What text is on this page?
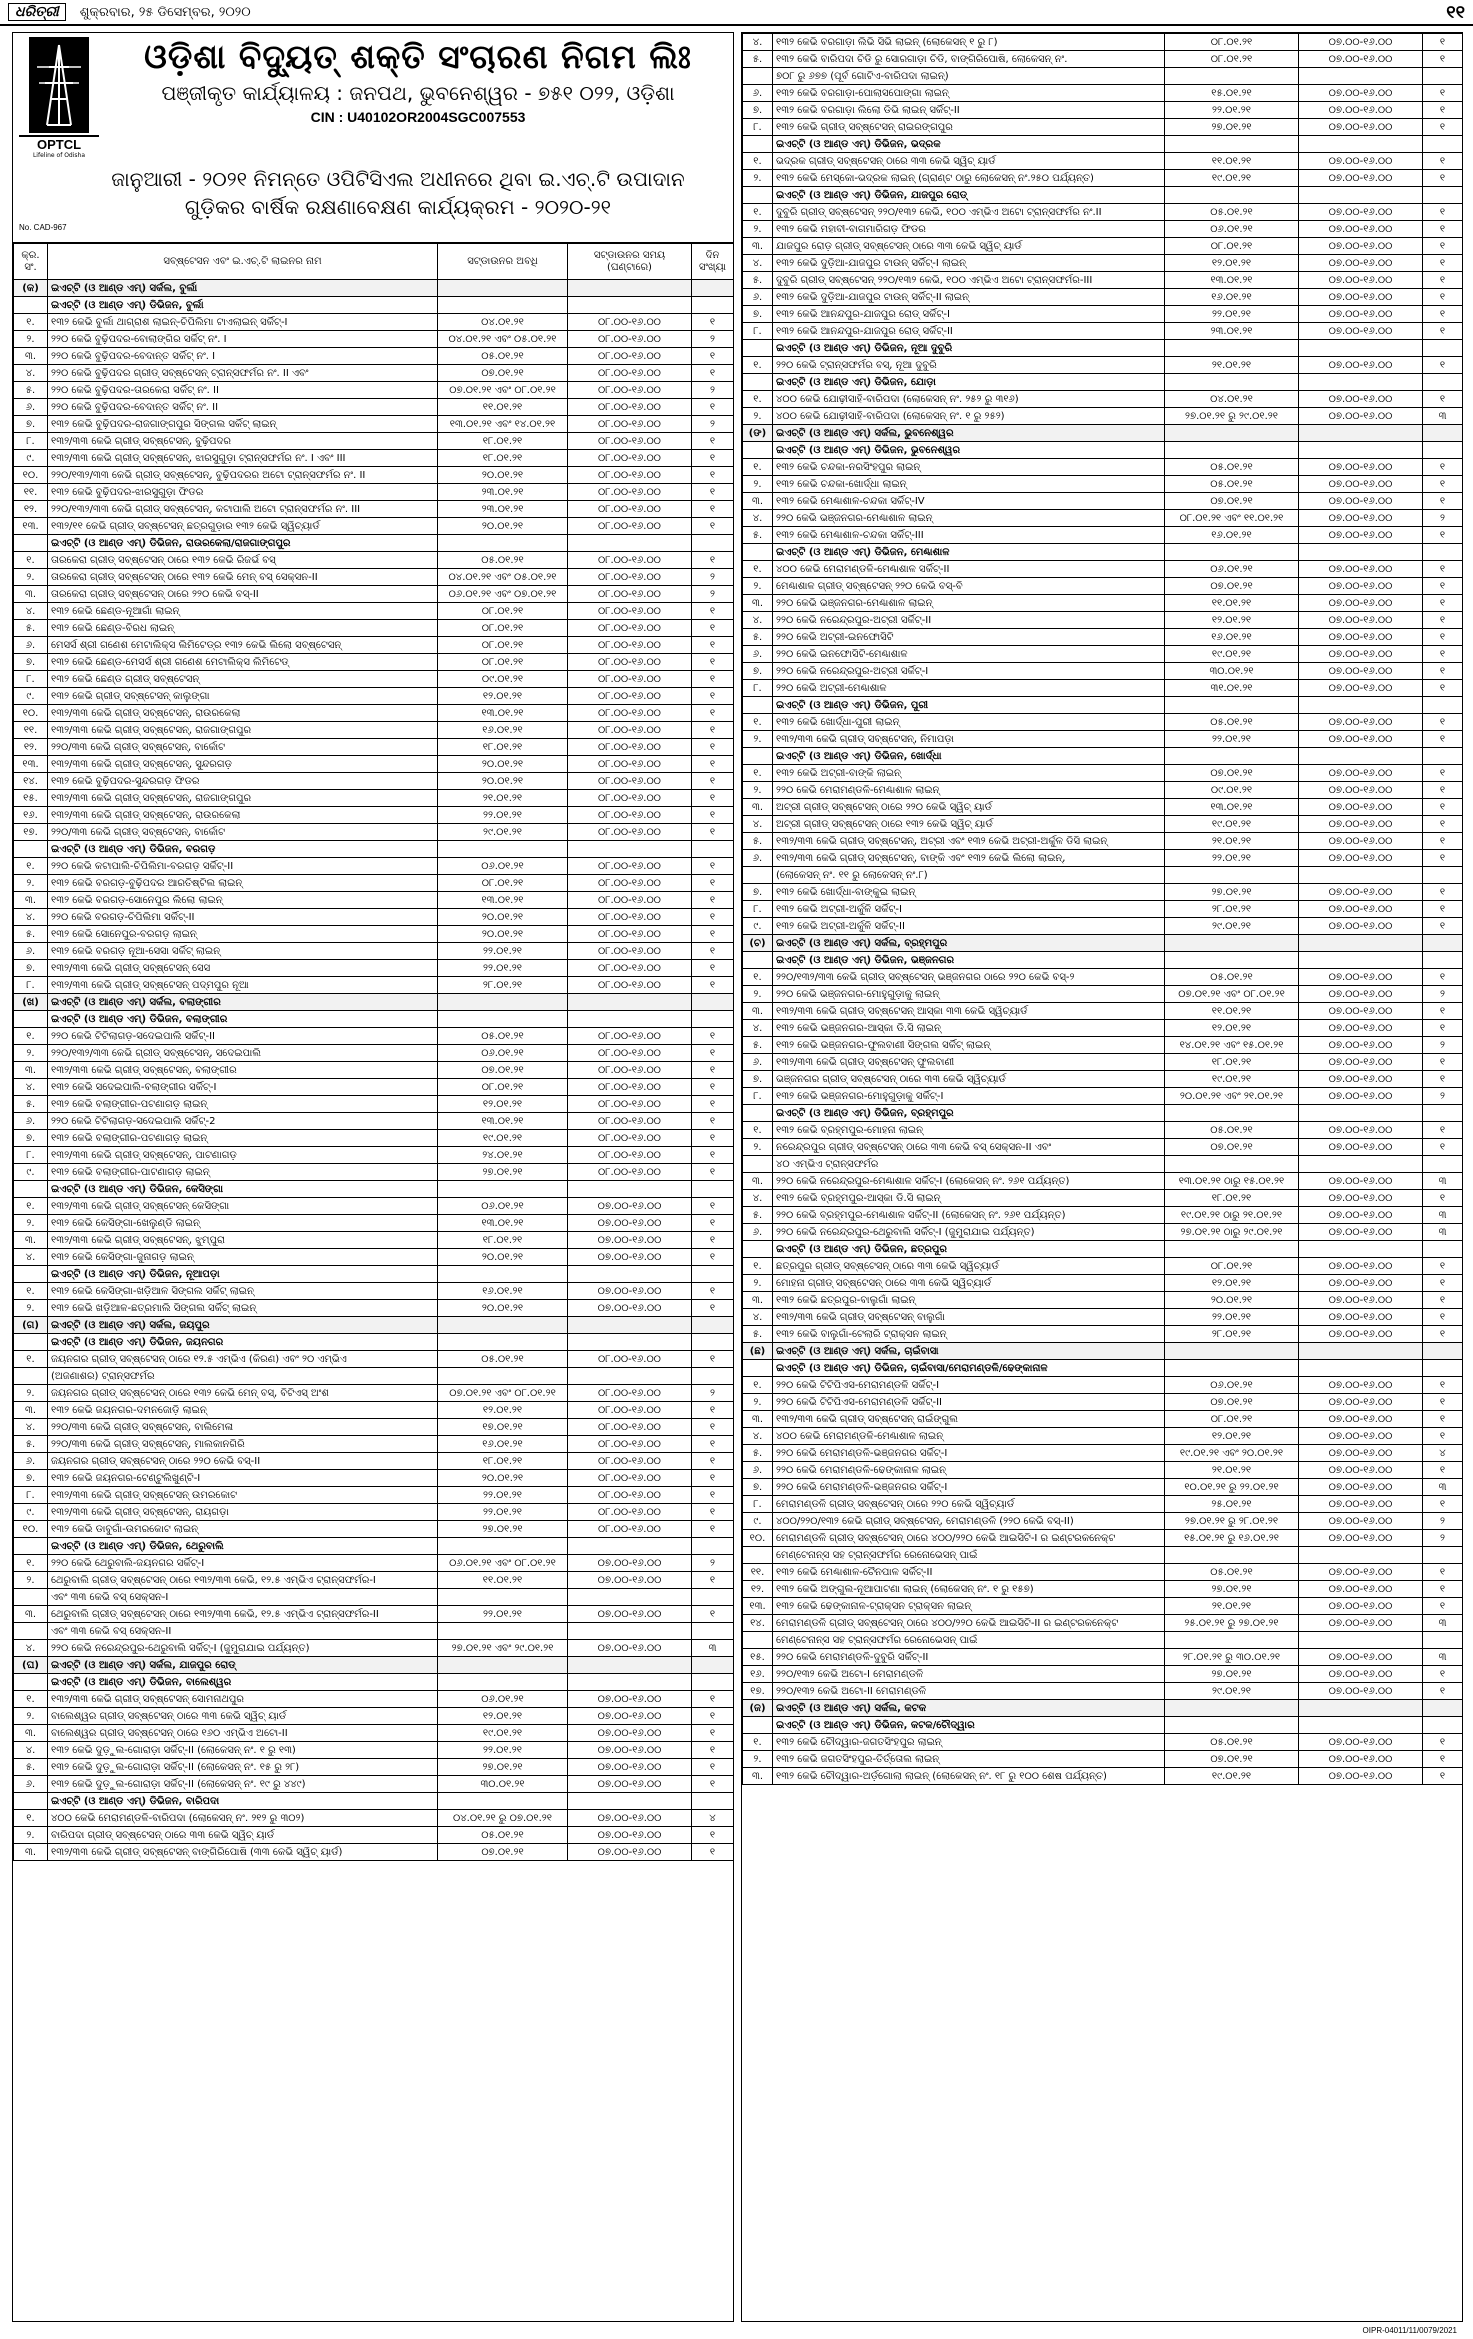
ଧରିତ୍ରୀ	ଶୁକ୍ରବାର, ୨୫ ଡିସେମ୍ବର, ୨୦୨୦	୧୧
OPTCL
Lifeline of Odisha
ଓଡ଼ିଶା ବିଦ୍ୟୁତ୍ ଶକ୍ତି ସଂଚାରଣ ନିଗମ ଲିଃ
ପଞ୍ଜୀକୃତ କାର୍ଯ୍ୟାଳୟ : ଜନପଥ, ଭୁବନେଶ୍ୱର - ୭୫୧ ୦୨୨, ଓଡ଼ିଶା
CIN : U40102OR2004SGC007553
ଜାନୁଆରୀ - ୨୦୨୧ ନିମନ୍ତେ ଓପିଟିସିଏଲ ଅଧୀନରେ ଥିବା ଇ.ଏଚ୍.ଟି ଉପାଦାନ
ଗୁଡ଼ିକର ବାର୍ଷିକ ରକ୍ଷଣାବେକ୍ଷଣ କାର୍ଯ୍ୟକ୍ରମ - ୨୦୨୦-୨୧
No. CAD-967
କ୍ର. ସଂ.	ସବ୍‌ଷ୍ଟେସନ ଏବଂ ଇ.ଏଚ୍.ଟି ଲାଇନର ନାମ	ସଟ୍‌ଡାଉନର ଅବଧି	ସଟ୍‌ଡାଉନର ସମୟ (ଘଣ୍ଟାରେ)	ଦିନ ସଂଖ୍ୟା
(କ)	ଇଏଚ୍‌ଟି (ଓ ଆଣ୍ଡ ଏମ୍) ସର୍କଲ, ବୁର୍ଲା			
	ଇଏଚ୍‌ଟି (ଓ ଆଣ୍ଡ ଏମ୍) ଡିଭିଜନ, ବୁର୍ଲା			
୧.	୧୩୨ କେଭି ବୁର୍ଲା ଥାଗ୍ରାଶ ଲାଇନ୍-ଚିପିଲିମା ଟାଏଲାଇନ୍ ସର୍କିଟ୍-I	୦୪.୦୧.୨୧	୦୮.୦୦-୧୬.୦୦	୧
୨.	୨୨୦ କେଭି ବୁଢ଼ିପଦର-ବୋଲାଙ୍ଗିର ସର୍କିଟ୍ ନଂ. I	୦୪.୦୧.୨୧ ଏବଂ ୦୫.୦୧.୨୧	୦୮.୦୦-୧୬.୦୦	୨
୩.	୨୨୦ କେଭି ବୁଢ଼ିପଦର-ବେଦାନ୍ତ ସର୍କିଟ୍ ନଂ. I	୦୫.୦୧.୨୧	୦୮.୦୦-୧୬.୦୦	୧
୪.	୨୨୦ କେଭି ବୁଢ଼ିପଦର ଗ୍ରୀଡ୍ ସବ୍‌ଷ୍ଟେସନ୍ ଟ୍ରାନ୍ସଫର୍ମର ନଂ. II ଏବଂ	୦୭.୦୧.୨୧	୦୮.୦୦-୧୬.୦୦	୧
୫.	୨୨୦ କେଭି ବୁଢ଼ିପଦର-ତାରକେରା ସର୍କିଟ୍ ନଂ. II	୦୭.୦୧.୨୧ ଏବଂ ୦୮.୦୧.୨୧	୦୮.୦୦-୧୬.୦୦	୨
୬.	୨୨୦ କେଭି ବୁଢ଼ିପଦର-ବେଦାନ୍ତ ସର୍କିଟ୍ ନଂ. II	୧୧.୦୧.୨୧	୦୮.୦୦-୧୬.୦୦	୧
୭.	୧୩୨ କେଭି ବୁଢ଼ିପଦର-ରାଜଗାଙ୍ଗପୁର ସିଙ୍ଗଲ ସର୍କିଟ୍ ଲାଇନ୍	୧୩.୦୧.୨୧ ଏବଂ ୧୪.୦୧.୨୧	୦୮.୦୦-୧୬.୦୦	୨
୮.	୧୩୨/୩୩ କେଭି ଗ୍ରୀଡ୍ ସବ୍‌ଷ୍ଟେସନ୍, ବୁଢ଼ିପଦର	୧୮.୦୧.୨୧	୦୮.୦୦-୧୬.୦୦	୧
୯.	୧୩୨/୩୩ କେଭି ଗ୍ରୀଡ୍ ସବ୍‌ଷ୍ଟେସନ୍, ଝାରସୁଗୁଡ଼ା ଟ୍ରାନ୍ସଫର୍ମର ନଂ. I ଏବଂ III	୧୮.୦୧.୨୧	୦୮.୦୦-୧୬.୦୦	୧
୧୦.	୨୨୦/୧୩୨/୩୩ କେଭି ଗ୍ରୀଡ୍ ସବ୍‌ଷ୍ଟେସନ୍, ବୁଢ଼ିପଦରର ଅଟୋ ଟ୍ରାନ୍ସଫର୍ମର ନଂ. II	୨୦.୦୧.୨୧	୦୮.୦୦-୧୬.୦୦	୧
୧୧.	୧୩୨ କେଭି ବୁଢ଼ିପଦର-ଝାରସୁଗୁଡ଼ା ଫିଡର	୨୩.୦୧.୨୧	୦୮.୦୦-୧୬.୦୦	୧
୧୨.	୨୨୦/୧୩୨/୩୩ କେଭି ଗ୍ରୀଡ୍ ସବ୍‌ଷ୍ଟେସନ୍, କଟାପାଲି ଅଟୋ ଟ୍ରାନ୍ସଫର୍ମର ନଂ. III	୨୩.୦୧.୨୧	୦୮.୦୦-୧୬.୦୦	୧
୧୩.	୧୩୨/୧୧ କେଭି ଗ୍ରୀଡ୍ ସବ୍‌ଷ୍ଟେସନ୍ ଛତ୍ରଗୁଡ଼ାର ୧୩୨ କେଭି ସ୍ୱିଚ୍‌ୟାର୍ଡ	୨୦.୦୧.୨୧	୦୮.୦୦-୧୬.୦୦	୧
	ଇଏଚ୍‌ଟି (ଓ ଆଣ୍ଡ ଏମ୍) ଡିଭିଜନ, ରାଉରକେଲା/ରାଜଗାଙ୍ଗପୁର			
୧.	ତାରକେରା ଗ୍ରୀଡ୍ ସବ୍‌ଷ୍ଟେସନ୍ ଠାରେ ୧୩୨ କେଭି ରିଜର୍ଭ ବସ୍	୦୫.୦୧.୨୧	୦୮.୦୦-୧୬.୦୦	୧
୨.	ତାରକେରା ଗ୍ରୀଡ୍ ସବ୍‌ଷ୍ଟେସନ୍ ଠାରେ ୧୩୨ କେଭି ମେନ୍ ବସ୍ ସେକ୍ସନ-II	୦୪.୦୧.୨୧ ଏବଂ ୦୫.୦୧.୨୧	୦୮.୦୦-୧୬.୦୦	୨
୩.	ତାରକେରା ଗ୍ରୀଡ୍ ସବ୍‌ଷ୍ଟେସନ୍ ଠାରେ ୨୨୦ କେଭି ବସ୍-II	୦୬.୦୧.୨୧ ଏବଂ ୦୭.୦୧.୨୧	୦୮.୦୦-୧୬.୦୦	୨
୪.	୧୩୨ କେଭି ଛେଣ୍ଡ-ନୂଆଗାଁ ଲାଇନ୍	୦୮.୦୧.୨୧	୦୮.୦୦-୧୬.୦୦	୧
୫.	୧୩୨ କେଭି ଛେଣ୍ଡ-ବିରଧ ଲାଇନ୍	୦୮.୦୧.୨୧	୦୮.୦୦-୧୬.୦୦	୧
୬.	ମେସର୍ସ ଶ୍ରୀ ଗଣେଶ ମେଟାଲିକ୍ସ ଲିମିଟେଡ୍‌ର ୧୩୨ କେଭି ଲିଲୋ ସବ୍‌ଷ୍ଟେସନ୍	୦୮.୦୧.୨୧	୦୮.୦୦-୧୬.୦୦	୧
୭.	୧୩୨ କେଭି ଛେଣ୍ଡ-ମେସର୍ସ ଶ୍ରୀ ଗଣେଶ ମେଟାଲିକ୍ସ ଲିମିଟେଡ୍	୦୮.୦୧.୨୧	୦୮.୦୦-୧୬.୦୦	୧
୮.	୧୩୨ କେଭି ଛେଣ୍ଡ ଗ୍ରୀଡ୍ ସବ୍‌ଷ୍ଟେସନ୍	୦୯.୦୧.୨୧	୦୮.୦୦-୧୬.୦୦	୧
୯.	୧୩୨ କେଭି ଗ୍ରୀଡ୍ ସବ୍‌ଷ୍ଟେସନ୍ କାଲୁଙ୍ଗା	୧୨.୦୧.୨୧	୦୮.୦୦-୧୬.୦୦	୧
୧୦.	୧୩୨/୩୩ କେଭି ଗ୍ରୀଡ୍ ସବ୍‌ଷ୍ଟେସନ୍, ରାଉରକେଲା	୧୩.୦୧.୨୧	୦୮.୦୦-୧୬.୦୦	୧
୧୧.	୧୩୨/୩୩ କେଭି ଗ୍ରୀଡ୍ ସବ୍‌ଷ୍ଟେସନ୍, ରାଜଗାଙ୍ଗପୁର	୧୬.୦୧.୨୧	୦୮.୦୦-୧୬.୦୦	୧
୧୨.	୨୨୦/୩୩ କେଭି ଗ୍ରୀଡ୍ ସବ୍‌ଷ୍ଟେସନ୍, ବାର୍କୋଟ	୧୮.୦୧.୨୧	୦୮.୦୦-୧୬.୦୦	୧
୧୩.	୧୩୨/୩୩ କେଭି ଗ୍ରୀଡ୍ ସବ୍‌ଷ୍ଟେସନ୍, ସୁନ୍ଦରଗଡ଼	୨୦.୦୧.୨୧	୦୮.୦୦-୧୬.୦୦	୧
୧୪.	୧୩୨ କେଭି ବୁଢ଼ିପଦର-ସୁନ୍ଦରଗଡ଼ ଫିଡର	୨୦.୦୧.୨୧	୦୮.୦୦-୧୬.୦୦	୧
୧୫.	୧୩୨/୩୩ କେଭି ଗ୍ରୀଡ୍ ସବ୍‌ଷ୍ଟେସନ୍, ରାଜଗାଙ୍ଗପୁର	୨୧.୦୧.୨୧	୦୮.୦୦-୧୬.୦୦	୧
୧୬.	୧୩୨/୩୩ କେଭି ଗ୍ରୀଡ୍ ସବ୍‌ଷ୍ଟେସନ୍, ରାଉରକେଲା	୨୨.୦୧.୨୧	୦୮.୦୦-୧୬.୦୦	୧
୧୭.	୨୨୦/୩୩ କେଭି ଗ୍ରୀଡ୍ ସବ୍‌ଷ୍ଟେସନ୍, ବାର୍କୋଟ	୨୯.୦୧.୨୧	୦୮.୦୦-୧୬.୦୦	୧
	ଇଏଚ୍‌ଟି (ଓ ଆଣ୍ଡ ଏମ୍) ଡିଭିଜନ, ବରଗଡ଼			
୧.	୨୨୦ କେଭି କଟାପାଲି-ଚିପିଲିମା-ବରଗଡ଼ ସର୍କିଟ୍-II	୦୬.୦୧.୨୧	୦୮.୦୦-୧୬.୦୦	୧
୨.	୧୩୨ କେଭି ବରଗଡ଼-ବୁଢ଼ିପଦର ଆରତିଷ୍ଟିଲ ଲାଇନ୍	୦୮.୦୧.୨୧	୦୮.୦୦-୧୬.୦୦	୧
୩.	୧୩୨ କେଭି ବରଗଡ଼-ସୋନେପୁର ଲିଲୋ ଲାଇନ୍	୧୩.୦୧.୨୧	୦୮.୦୦-୧୬.୦୦	୧
୪.	୨୨୦ କେଭି ବରଗଡ଼-ଚିପିଲିମା ସର୍କିଟ୍-II	୨୦.୦୧.୨୧	୦୮.୦୦-୧୬.୦୦	୧
୫.	୧୩୨ କେଭି ସୋନେପୁର-ବରଗଡ଼ ଲାଇନ୍	୨୦.୦୧.୨୧	୦୮.୦୦-୧୬.୦୦	୧
୬.	୧୩୨ କେଭି ବରଗଡ଼ ନୂଆ-ସେସା ସର୍କିଟ୍ ଲାଇନ୍	୨୨.୦୧.୨୧	୦୮.୦୦-୧୬.୦୦	୧
୭.	୧୩୨/୩୩ କେଭି ଗ୍ରୀଡ୍ ସବ୍‌ଷ୍ଟେସନ୍ ସେସ	୨୨.୦୧.୨୧	୦୮.୦୦-୧୬.୦୦	୧
୮.	୧୩୨/୩୩ କେଭି ଗ୍ରୀଡ୍ ସବ୍‌ଷ୍ଟେସନ୍ ପଦ୍ମପୁର ନୂଆ	୨୮.୦୧.୨୧	୦୮.୦୦-୧୬.୦୦	୧
(ଖ)	ଇଏଚ୍‌ଟି (ଓ ଆଣ୍ଡ ଏମ୍) ସର୍କଲ, ବଲାଙ୍ଗୀର			
	ଇଏଚ୍‌ଟି (ଓ ଆଣ୍ଡ ଏମ୍) ଡିଭିଜନ, ବଲାଙ୍ଗୀର			
୧.	୨୨୦ କେଭି ଟିଟିଲାଗଡ଼-ସଦେଇପାଲି ସର୍କିଟ୍-II	୦୫.୦୧.୨୧	୦୮.୦୦-୧୬.୦୦	୧
୨.	୨୨୦/୧୩୨/୩୩ କେଭି ଗ୍ରୀଡ୍ ସବ୍‌ଷ୍ଟେସନ୍, ସଦେଇପାଲି	୦୬.୦୧.୨୧	୦୮.୦୦-୧୬.୦୦	୧
୩.	୧୩୨/୩୩ କେଭି ଗ୍ରୀଡ୍ ସବ୍‌ଷ୍ଟେସନ୍, ବଲାଙ୍ଗୀର	୦୭.୦୧.୨୧	୦୮.୦୦-୧୬.୦୦	୧
୪.	୧୩୨ କେଭି ସଦେଇପାଲି-ବଲାଙ୍ଗୀର ସର୍କିଟ୍-I	୦୮.୦୧.୨୧	୦୮.୦୦-୧୬.୦୦	୧
୫.	୧୩୨ କେଭି ବଲାଙ୍ଗୀର-ପଟଣାଗଡ଼ ଲାଇନ୍	୧୨.୦୧.୨୧	୦୮.୦୦-୧୬.୦୦	୧
୬.	୨୨୦ କେଭି ଟିଟିଲାଗଡ଼-ସଦେଇପାଲି ସର୍କିଟ୍-2	୧୩.୦୧.୨୧	୦୮.୦୦-୧୬.୦୦	୧
୭.	୧୩୨ କେଭି ବଲାଙ୍ଗୀର-ପଟଣାଗଡ଼ ଲାଇନ୍	୧୯.୦୧.୨୧	୦୮.୦୦-୧୬.୦୦	୧
୮.	୧୩୨/୩୩ କେଭି ଗ୍ରୀଡ୍ ସବ୍‌ଷ୍ଟେସନ୍, ପାଟଣାଗଡ଼	୨୪.୦୧.୨୧	୦୮.୦୦-୧୬.୦୦	୧
୯.	୧୩୨ କେଭି ବଲାଙ୍ଗୀର-ପାଟଣାଗଡ଼ ଲାଇନ୍	୨୭.୦୧.୨୧	୦୮.୦୦-୧୬.୦୦	୧
	ଇଏଚ୍‌ଟି (ଓ ଆଣ୍ଡ ଏମ୍) ଡିଭିଜନ, କେସିଙ୍ଗା			
୧.	୧୩୨/୩୩ କେଭି ଗ୍ରୀଡ୍ ସବ୍‌ଷ୍ଟେସନ୍ କେସିଙ୍ଗା	୦୬.୦୧.୨୧	୦୭.୦୦-୧୬.୦୦	୧
୨.	୧୩୨ କେଭି କେସିଙ୍ଗା-ଖେଲୁଣ୍ଡି ଲାଇନ୍	୧୩.୦୧.୨୧	୦୭.୦୦-୧୬.୦୦	୧
୩.	୧୩୨/୩୩ କେଭି ଗ୍ରୀଡ୍ ସବ୍‌ଷ୍ଟେସନ୍, ଝୁମ୍ପୁରା	୧୮.୦୧.୨୧	୦୭.୦୦-୧୬.୦୦	୧
୪.	୧୩୨ କେଭି କେସିଙ୍ଗା-ଜୁନାଗଡ଼ ଲାଇନ୍	୨୦.୦୧.୨୧	୦୭.୦୦-୧୬.୦୦	୧
	ଇଏଚ୍‌ଟି (ଓ ଆଣ୍ଡ ଏମ୍) ଡିଭିଜନ, ନୂଆପଡ଼ା			
୧.	୧୩୨ କେଭି କେସିଙ୍ଗା-ଖଡ଼ିଆଳ ସିଙ୍ଗଲ ସର୍କିଟ୍ ଲାଇନ୍	୧୬.୦୧.୨୧	୦୭.୦୦-୧୬.୦୦	୧
୨.	୧୩୨ କେଭି ଖଡ଼ିଆଳ-ଛତ୍ରମାଲି ସିଙ୍ଗଲ ସର୍କିଟ୍ ଲାଇନ୍	୨୦.୦୧.୨୧	୦୭.୦୦-୧୬.୦୦	୧
(ଗ)	ଇଏଚ୍‌ଟି (ଓ ଆଣ୍ଡ ଏମ୍) ସର୍କଲ, ଜୟପୁର			
	ଇଏଚ୍‌ଟି (ଓ ଆଣ୍ଡ ଏମ୍) ଡିଭିଜନ, ଜୟନଗର			
୧.	ଜୟନଗର ଗ୍ରୀଡ୍ ସବ୍‌ଷ୍ଟେସନ୍ ଠାରେ ୧୨.୫ ଏମ୍‌ଭିଏ (କିରଣ) ଏବଂ ୨୦ ଏମ୍‌ଭିଏ	୦୫.୦୧.୨୧	୦୮.୦୦-୧୬.୦୦	୧
	(ଅଜଣାଶର) ଟ୍ରାନ୍ସଫର୍ମର			
୨.	ଜୟନଗର ଗ୍ରୀଡ୍ ସବ୍‌ଷ୍ଟେସନ୍ ଠାରେ ୧୩୨ କେଭି ମେନ୍ ବସ୍, ବିଟିଏସ୍ ଅଂଶ	୦୭.୦୧.୨୧ ଏବଂ ୦୮.୦୧.୨୧	୦୮.୦୦-୧୬.୦୦	୨
୩.	୧୩୨ କେଭି ଜୟନଗର-ଦମନଜୋଡ଼ି ଲାଇନ୍	୧୨.୦୧.୨୧	୦୮.୦୦-୧୬.୦୦	୧
୪.	୨୨୦/୩୩ କେଭି ଗ୍ରୀଡ୍ ସବ୍‌ଷ୍ଟେସନ୍, ବାଲିମେଳା	୧୭.୦୧.୨୧	୦୮.୦୦-୧୬.୦୦	୧
୫.	୨୨୦/୩୩ କେଭି ଗ୍ରୀଡ୍ ସବ୍‌ଷ୍ଟେସନ୍, ମାଲକାନଗିରି	୧୬.୦୧.୨୧	୦୮.୦୦-୧୬.୦୦	୧
୬.	ଜୟନଗର ଗ୍ରୀଡ୍ ସବ୍‌ଷ୍ଟେସନ୍ ଠାରେ ୨୨୦ କେଭି ବସ୍-II	୧୮.୦୧.୨୧	୦୮.୦୦-୧୬.୦୦	୧
୭.	୧୩୨ କେଭି ଜୟନଗର-ଟେଣ୍ଟୁଲିଖୁଣ୍ଟି-I	୨୦.୦୧.୨୧	୦୮.୦୦-୧୬.୦୦	୧
୮.	୧୩୨/୩୩ କେଭି ଗ୍ରୀଡ୍ ସବ୍‌ଷ୍ଟେସନ୍ ଉମରକୋଟ	୨୨.୦୧.୨୧	୦୮.୦୦-୧୬.୦୦	୧
୯.	୧୩୨/୩୩ କେଭି ଗ୍ରୀଡ୍ ସବ୍‌ଷ୍ଟେସନ୍, ରାୟଗଡ଼ା	୨୨.୦୧.୨୧	୦୮.୦୦-୧୬.୦୦	୧
୧୦.	୧୩୨ କେଭି ଡାବୁଗାଁ-ଉମରକୋଟ ଲାଇନ୍	୨୭.୦୧.୨୧	୦୮.୦୦-୧୬.୦୦	୧
	ଇଏଚ୍‌ଟି (ଓ ଆଣ୍ଡ ଏମ୍) ଡିଭିଜନ, ଥେରୁବାଲି			
୧.	୨୨୦ କେଭି ଥେରୁବାଲି-ଜୟନଗର ସର୍କିଟ୍-I	୦୬.୦୧.୨୧ ଏବଂ ୦୮.୦୧.୨୧	୦୭.୦୦-୧୬.୦୦	୨
୨.	ଥେରୁବାଲି ଗ୍ରୀଡ୍ ସବ୍‌ଷ୍ଟେସନ୍ ଠାରେ ୧୩୨/୩୩ କେଭି, ୧୨.୫ ଏମ୍‌ଭିଏ ଟ୍ରାନ୍ସଫର୍ମର-I	୧୧.୦୧.୨୧	୦୭.୦୦-୧୬.୦୦	୧
	ଏବଂ ୩୩ କେଭି ବସ୍ ସେକ୍ସନ-I			
୩.	ଥେରୁବାଲି ଗ୍ରୀଡ୍ ସବ୍‌ଷ୍ଟେସନ୍ ଠାରେ ୧୩୨/୩୩ କେଭି, ୧୨.୫ ଏମ୍‌ଭିଏ ଟ୍ରାନ୍ସଫର୍ମର-II	୨୨.୦୧.୨୧	୦୭.୦୦-୧୬.୦୦	୧
	ଏବଂ ୩୩ କେଭି ବସ୍ ସେକ୍ସନ-II			
୪.	୨୨୦ କେଭି ନରେନ୍ଦ୍ରପୁର-ଥେରୁବାଲି ସର୍କିଟ୍-I (ଜୁମୁରାଯାଇ ପର୍ଯ୍ୟନ୍ତ)	୨୭.୦୧.୨୧ ଏବଂ ୨୯.୦୧.୨୧	୦୭.୦୦-୧୬.୦୦	୩
(ଘ)	ଇଏଚ୍‌ଟି (ଓ ଆଣ୍ଡ ଏମ୍) ସର୍କଲ, ଯାଜପୁର ରୋଡ୍			
	ଇଏଚ୍‌ଟି (ଓ ଆଣ୍ଡ ଏମ୍) ଡିଭିଜନ, ବାଲେଶ୍ୱର			
୧.	୧୩୨/୩୩ କେଭି ଗ୍ରୀଡ୍ ସବ୍‌ଷ୍ଟେସନ୍ ସୋମନାଥପୁର	୦୬.୦୧.୨୧	୦୭.୦୦-୧୬.୦୦	୧
୨.	ବାଲେଶ୍ୱର ଗ୍ରୀଡ୍ ସବ୍‌ଷ୍ଟେସନ୍ ଠାରେ ୩୩ କେଭି ସ୍ୱିଚ୍ ୟାର୍ଡ	୧୨.୦୧.୨୧	୦୭.୦୦-୧୬.୦୦	୧
୩.	ବାଲେଶ୍ୱର ଗ୍ରୀଡ୍ ସବ୍‌ଷ୍ଟେସନ୍ ଠାରେ ୧୬୦ ଏମ୍‌ଭିଏ ଅଟୋ-II	୧୯.୦୧.୨୧	୦୭.୦୦-୧୬.୦୦	୧
୪.	୧୩୨ କେଭି ଦୁଡ଼ୁଲ-ଗୋରାଡ଼ା ସର୍କିଟ୍-II (ଲୋକେସନ୍ ନଂ. ୧ ରୁ ୧୩)	୨୨.୦୧.୨୧	୦୭.୦୦-୧୬.୦୦	୧
୫.	୧୩୨ କେଭି ଦୁଡ଼ୁଲ-ଗୋରାଡ଼ା ସର୍କିଟ୍-II (ଲୋକେସନ୍ ନଂ. ୧୫ ରୁ ୨୮)	୨୭.୦୧.୨୧	୦୭.୦୦-୧୬.୦୦	୧
୬.	୧୩୨ କେଭି ଦୁଡ଼ୁଲ-ଗୋରାଡ଼ା ସର୍କିଟ୍-II (ଲୋକେସନ୍ ନଂ. ୧୯ ରୁ ୪୪୯)	୩୦.୦୧.୨୧	୦୭.୦୦-୧୬.୦୦	୧
	ଇଏଚ୍‌ଟି (ଓ ଆଣ୍ଡ ଏମ୍) ଡିଭିଜନ, ବାରିପଦା			
୧.	୪୦୦ କେଭି ମେରାମଣ୍ଡଳି-ବାରିପଦା (ଲୋକେସନ୍ ନଂ. ୨୧୨ ରୁ ୩୦୨)	୦୪.୦୧.୨୧ ରୁ ୦୭.୦୧.୨୧	୦୭.୦୦-୧୬.୦୦	୪
୨.	ବାରିପଦା ଗ୍ରୀଡ୍ ସବ୍‌ଷ୍ଟେସନ୍ ଠାରେ ୩୩ କେଭି ସ୍ୱିଚ୍ ୟାର୍ଡ	୦୫.୦୧.୨୧	୦୭.୦୦-୧୬.୦୦	୧
୩.	୧୩୨/୩୩ କେଭି ଗ୍ରୀଡ୍ ସବ୍‌ଷ୍ଟେସନ୍ ବାଙ୍ଗିରିପୋଷି (୩୩ କେଭି ସ୍ୱିଚ୍ ୟାର୍ଡ)	୦୭.୦୧.୨୧	୦୭.୦୦-୧୬.୦୦	୧
୪.	୧୩୨ କେଭି ବରଗାଡ଼ା ଲିଭି ସିଭି ଲାଇନ୍ (ଲୋକେସନ୍ ୧ ରୁ ୮)	୦୮.୦୧.୨୧	୦୭.୦୦-୧୬.୦୦	୧
୫.	୧୩୨ କେଭି ବାରିପଦା ଚିଡି ରୁ ସୋରଗାଡ଼ା ଚିଡି, ବାଙ୍ଗିରିପୋଷି, ଲୋକେସନ୍ ନଂ.	୦୮.୦୧.୨୧	୦୭.୦୦-୧୬.୦୦	୧
	୭୦୮ ରୁ ୬୭୭ (ପୂର୍ବ ଗୋଟିଏ-ବାରିପଦା ଲାଇନ୍)			
୬.	୧୩୨ କେଭି ବରଗାଡ଼ା-ପୋଲାସପୋଙ୍ଗା ଲାଇନ୍	୧୫.୦୧.୨୧	୦୭.୦୦-୧୬.୦୦	୧
୭.	୧୩୨ କେଭି ବରଗାଡ଼ା ଲିଲୋ ଡିଭି ଲାଇନ୍ ସର୍କିଟ୍-II	୨୨.୦୧.୨୧	୦୭.୦୦-୧୬.୦୦	୧
୮.	୧୩୨ କେଭି ଗ୍ରୀଡ୍ ସବ୍‌ଷ୍ଟେସନ୍ ରାଇରଙ୍ଗପୁର	୨୭.୦୧.୨୧	୦୭.୦୦-୧୬.୦୦	୧
	ଇଏଚ୍‌ଟି (ଓ ଆଣ୍ଡ ଏମ୍) ଡିଭିଜନ, ଭଦ୍ରକ			
୧.	ଭଦ୍ରକ ଗ୍ରୀଡ୍ ସବ୍‌ଷ୍ଟେସନ୍ ଠାରେ ୩୩ କେଭି ସ୍ୱିଚ୍ ୟାର୍ଡ	୧୧.୦୧.୨୧	୦୭.୦୦-୧୬.୦୦	୧
୨.	୧୩୨ କେଭି ମେସ୍କୋ-ଭଦ୍ରକ ଲାଇନ୍ (ଗ୍ରାଣ୍ଟ ଠାରୁ ଲୋକେସନ୍ ନଂ.୨୫୦ ପର୍ଯ୍ୟନ୍ତ)	୧୯.୦୧.୨୧	୦୭.୦୦-୧୬.୦୦	୧
	ଇଏଚ୍‌ଟି (ଓ ଆଣ୍ଡ ଏମ୍) ଡିଭିଜନ, ଯାଜପୁର ରୋଡ୍			
୧.	ଦୁବୁରି ଗ୍ରୀଡ୍ ସବ୍‌ଷ୍ଟେସନ୍ ୨୨୦/୧୩୨ କେଭି, ୧୦୦ ଏମ୍‌ଭିଏ ଅଟୋ ଟ୍ରାନ୍ସଫର୍ମର ନଂ.II	୦୫.୦୧.୨୧	୦୭.୦୦-୧୬.୦୦	୧
୨.	୧୩୨ କେଭି ମହାବୀ-ବାଗମାରିଗଡ଼ ଫିଡର	୦୬.୦୧.୨୧	୦୭.୦୦-୧୬.୦୦	୧
୩.	ଯାଜପୁର ରୋଡ଼ ଗ୍ରୀଡ୍ ସବ୍‌ଷ୍ଟେସନ୍ ଠାରେ ୩୩ କେଭି ସ୍ୱିଚ୍ ୟାର୍ଡ	୦୮.୦୧.୨୧	୦୭.୦୦-୧୬.୦୦	୧
୪.	୧୩୨ କେଭି ଦୁଡ଼ିଆ-ଯାଜପୁର ଟାଉନ୍ ସର୍କିଟ୍-I ଲାଇନ୍	୧୨.୦୧.୨୧	୦୭.୦୦-୧୬.୦୦	୧
୫.	ଦୁବୁରି ଗ୍ରୀଡ୍ ସବ୍‌ଷ୍ଟେସନ୍ ୨୨୦/୧୩୨ କେଭି, ୧୦୦ ଏମ୍‌ଭିଏ ଅଟୋ ଟ୍ରାନ୍ସଫର୍ମର-III	୧୩.୦୧.୨୧	୦୭.୦୦-୧୬.୦୦	୧
୬.	୧୩୨ କେଭି ଦୁଡ଼ିଆ-ଯାଜପୁର ଟାଉନ୍ ସର୍କିଟ୍-II ଲାଇନ୍	୧୬.୦୧.୨୧	୦୭.୦୦-୧୬.୦୦	୧
୭.	୧୩୨ କେଭି ଆନନ୍ଦପୁର-ଯାଜପୁର ରୋଡ୍ ସର୍କିଟ୍-I	୨୨.୦୧.୨୧	୦୭.୦୦-୧୬.୦୦	୧
୮.	୧୩୨ କେଭି ଆନନ୍ଦପୁର-ଯାଜପୁର ରୋଡ୍ ସର୍କିଟ୍-II	୨୩.୦୧.୨୧	୦୭.୦୦-୧୬.୦୦	୧
	ଇଏଚ୍‌ଟି (ଓ ଆଣ୍ଡ ଏମ୍) ଡିଭିଜନ, ନୂଆ ଦୁବୁରି			
୧.	୨୨୦ କେଭି ଟ୍ରାନ୍ସଫର୍ମର ବସ୍, ନୂଆ ଦୁବୁରି	୨୧.୦୧.୨୧	୦୭.୦୦-୧୬.୦୦	୧
	ଇଏଚ୍‌ଟି (ଓ ଆଣ୍ଡ ଏମ୍) ଡିଭିଜନ, ଯୋଡ଼ା			
୧.	୪୦୦ କେଭି ଯୋଢ଼ୀସାହି-ବାରିପଦା (ଲୋକେସନ୍ ନଂ. ୨୫୨ ରୁ ୩୧୬)	୦୪.୦୧.୨୧	୦୭.୦୦-୧୬.୦୦	୧
୨.	୪୦୦ କେଭି ଯୋଢ଼ୀସାହି-ବାରିପଦା (ଲୋକେସନ୍ ନଂ. ୧ ରୁ ୨୫୨)	୨୭.୦୧.୨୧ ରୁ ୨୯.୦୧.୨୧	୦୭.୦୦-୧୬.୦୦	୩
(ଙ)	ଇଏଚ୍‌ଟି (ଓ ଆଣ୍ଡ ଏମ୍) ସର୍କଲ, ଭୁବନେଶ୍ୱର			
	ଇଏଚ୍‌ଟି (ଓ ଆଣ୍ଡ ଏମ୍) ଡିଭିଜନ, ଭୁବନେଶ୍ୱର			
୧.	୧୩୨ କେଭି ଚନ୍ଦକା-ନରସିଂହପୁର ଲାଇନ୍	୦୫.୦୧.୨୧	୦୭.୦୦-୧୬.୦୦	୧
୨.	୧୩୨ କେଭି ଚନ୍ଦକା-ଖୋର୍ଦ୍ଧା ଲାଇନ୍	୦୫.୦୧.୨୧	୦୭.୦୦-୧୬.୦୦	୧
୩.	୧୩୨ କେଭି ମେଣ୍ଢାଶାଳ-ଚନ୍ଦକା ସର୍କିଟ୍-IV	୦୭.୦୧.୨୧	୦୭.୦୦-୧୬.୦୦	୧
୪.	୨୨୦ କେଭି ଭଞ୍ଜନଗର-ମେଣ୍ଢାଶାଳ ଲାଇନ୍	୦୮.୦୧.୨୧ ଏବଂ ୧୧.୦୧.୨୧	୦୭.୦୦-୧୬.୦୦	୨
୫.	୧୩୨ କେଭି ମେଣ୍ଢାଶାଳ-ଚନ୍ଦକା ସର୍କିଟ୍-III	୧୬.୦୧.୨୧	୦୭.୦୦-୧୬.୦୦	୧
	ଇଏଚ୍‌ଟି (ଓ ଆଣ୍ଡ ଏମ୍) ଡିଭିଜନ, ମେଣ୍ଢାଶାଳ			
୧.	୪୦୦ କେଭି ମେରାମଣ୍ଡଳି-ମେଣ୍ଢାଶାଳ ସର୍କିଟ୍-II	୦୬.୦୧.୨୧	୦୭.୦୦-୧୬.୦୦	୧
୨.	ମେଣ୍ଢାଶାଳ ଗ୍ରୀଡ୍ ସବ୍‌ଷ୍ଟେସନ୍ ୨୨୦ କେଭି ବସ୍-ବି	୦୭.୦୧.୨୧	୦୭.୦୦-୧୬.୦୦	୧
୩.	୨୨୦ କେଭି ଭଞ୍ଜନଗର-ମେଣ୍ଢାଶାଳ ଲାଇନ୍	୧୧.୦୧.୨୧	୦୭.୦୦-୧୬.୦୦	୧
୪.	୨୨୦ କେଭି ନରେନ୍ଦ୍ରପୁର-ଅଟ୍ରୀ ସର୍କିଟ୍-II	୧୨.୦୧.୨୧	୦୭.୦୦-୧୬.୦୦	୧
୫.	୨୨୦ କେଭି ଅଟ୍ରୀ-ଇନଫୋସିଟି	୧୬.୦୧.୨୧	୦୭.୦୦-୧୬.୦୦	୧
୬.	୨୨୦ କେଭି ଇନଫୋସିଟି-ମେଣ୍ଢାଶାଳ	୧୯.୦୧.୨୧	୦୭.୦୦-୧୬.୦୦	୧
୭.	୨୨୦ କେଭି ନରେନ୍ଦ୍ରପୁର-ଅଟ୍ରୀ ସର୍କିଟ୍-I	୩୦.୦୧.୨୧	୦୭.୦୦-୧୬.୦୦	୧
୮.	୨୨୦ କେଭି ଅଟ୍ରୀ-ମେଣ୍ଢାଶାଳ	୩୧.୦୧.୨୧	୦୭.୦୦-୧୬.୦୦	୧
	ଇଏଚ୍‌ଟି (ଓ ଆଣ୍ଡ ଏମ୍) ଡିଭିଜନ, ପୁରୀ			
୧.	୧୩୨ କେଭି ଖୋର୍ଦ୍ଧା-ପୁରୀ ଲାଇନ୍	୦୫.୦୧.୨୧	୦୭.୦୦-୧୬.୦୦	୧
୨.	୧୩୨/୩୩ କେଭି ଗ୍ରୀଡ୍ ସବ୍‌ଷ୍ଟେସନ୍, ନିମାପଡ଼ା	୨୨.୦୧.୨୧	୦୭.୦୦-୧୬.୦୦	୧
	ଇଏଚ୍‌ଟି (ଓ ଆଣ୍ଡ ଏମ୍) ଡିଭିଜନ, ଖୋର୍ଦ୍ଧା			
୧.	୧୩୨ କେଭି ଅଟ୍ରୀ-ବାଙ୍କି ଲାଇନ୍	୦୭.୦୧.୨୧	୦୭.୦୦-୧୬.୦୦	୧
୨.	୨୨୦ କେଭି ମେରାମଣ୍ଡଳି-ମେଣ୍ଢାଶାଳ ଲାଇନ୍	୦୯.୦୧.୨୧	୦୭.୦୦-୧୬.୦୦	୧
୩.	ଅଟ୍ରୀ ଗ୍ରୀଡ୍ ସବ୍‌ଷ୍ଟେସନ୍ ଠାରେ ୨୨୦ କେଭି ସ୍ୱିଚ୍ ୟାର୍ଡ	୧୩.୦୧.୨୧	୦୭.୦୦-୧୬.୦୦	୧
୪.	ଅଟ୍ରୀ ଗ୍ରୀଡ୍ ସବ୍‌ଷ୍ଟେସନ୍ ଠାରେ ୧୩୨ କେଭି ସ୍ୱିଚ୍ ୟାର୍ଡ	୧୯.୦୧.୨୧	୦୭.୦୦-୧୬.୦୦	୧
୫.	୧୩୨/୩୩ କେଭି ଗ୍ରୀଡ୍ ସବ୍‌ଷ୍ଟେସନ୍, ଅଟ୍ରୀ ଏବଂ ୧୩୨ କେଭି ଅଟ୍ରୀ-ଅର୍କୁଳ ଡିସି ଲାଇନ୍	୨୧.୦୧.୨୧	୦୭.୦୦-୧୬.୦୦	୧
୬.	୧୩୨/୩୩ କେଭି ଗ୍ରୀଡ୍ ସବ୍‌ଷ୍ଟେସନ୍, ବାଙ୍କି ଏବଂ ୧୩୨ କେଭି ଲିଲୋ ଲାଇନ୍,	୨୨.୦୧.୨୧	୦୭.୦୦-୧୬.୦୦	୧
	(ଲୋକେସନ୍ ନଂ. ୧୧ ରୁ ଲୋକେସନ୍ ନଂ.୮)			
୭.	୧୩୨ କେଭି ଖୋର୍ଦ୍ଧା-ବାଙ୍କୁଇ ଲାଇନ୍	୨୭.୦୧.୨୧	୦୭.୦୦-୧୬.୦୦	୧
୮.	୧୩୨ କେଭି ଅଟ୍ରୀ-ଅର୍କୁଳି ସର୍କିଟ୍-I	୨୮.୦୧.୨୧	୦୭.୦୦-୧୬.୦୦	୧
୯.	୧୩୨ କେଭି ଅଟ୍ରୀ-ଅର୍କୁଳି ସର୍କିଟ୍-II	୨୯.୦୧.୨୧	୦୭.୦୦-୧୬.୦୦	୧
(ଚ)	ଇଏଚ୍‌ଟି (ଓ ଆଣ୍ଡ ଏମ୍) ସର୍କଲ, ବ୍ରହ୍ମପୁର			
	ଇଏଚ୍‌ଟି (ଓ ଆଣ୍ଡ ଏମ୍) ଡିଭିଜନ, ଭଞ୍ଜନଗର			
୧.	୨୨୦/୧୩୨/୩୩ କେଭି ଗ୍ରୀଡ୍ ସବ୍‌ଷ୍ଟେସନ୍ ଭଞ୍ଜନଗର ଠାରେ ୨୨୦ କେଭି ବସ୍-୨	୦୫.୦୧.୨୧	୦୭.୦୦-୧୬.୦୦	୧
୨.	୨୨୦ କେଭି ଭଞ୍ଜନଗର-ମୋହୁଗୁଡ଼ାକୁ ଲାଇନ୍	୦୭.୦୧.୨୧ ଏବଂ ୦୮.୦୧.୨୧	୦୭.୦୦-୧୬.୦୦	୨
୩.	୧୩୨/୩୩ କେଭି ଗ୍ରୀଡ୍ ସବ୍‌ଷ୍ଟେସନ୍ ଆସ୍କା ୩୩ କେଭି ସ୍ୱିଚ୍‌ୟାର୍ଡ	୧୧.୦୧.୨୧	୦୭.୦୦-୧୬.୦୦	୧
୪.	୧୩୨ କେଭି ଭଞ୍ଜନଗର-ଆସ୍କା ଡି.ସି ଲାଇନ୍	୧୨.୦୧.୨୧	୦୭.୦୦-୧୬.୦୦	୧
୫.	୧୩୨ କେଭି ଭଞ୍ଜନଗର-ଫୁଲବାଣୀ ସିଙ୍ଗଲ ସର୍କିଟ୍ ଲାଇନ୍	୧୪.୦୧.୨୧ ଏବଂ ୧୫.୦୧.୨୧	୦୭.୦୦-୧୬.୦୦	୨
୬.	୧୩୨/୩୩ କେଭି ଗ୍ରୀଡ୍ ସବ୍‌ଷ୍ଟେସନ୍ ଫୁଲବାଣୀ	୧୮.୦୧.୨୧	୦୭.୦୦-୧୬.୦୦	୧
୭.	ଭଞ୍ଜନଗର ଗ୍ରୀଡ୍ ସବ୍‌ଷ୍ଟେସନ୍ ଠାରେ ୩୩ କେଭି ସ୍ୱିଚ୍‌ୟାର୍ଡ	୧୯.୦୧.୨୧	୦୭.୦୦-୧୬.୦୦	୧
୮.	୧୩୨ କେଭି ଭଞ୍ଜନଗର-ମୋହୁଗୁଡ଼ାକୁ ସର୍କିଟ୍-I	୨୦.୦୧.୨୧ ଏବଂ ୨୧.୦୧.୨୧	୦୭.୦୦-୧୬.୦୦	୨
	ଇଏଚ୍‌ଟି (ଓ ଆଣ୍ଡ ଏମ୍) ଡିଭିଜନ, ବ୍ରହ୍ମପୁର			
୧.	୧୩୨ କେଭି ବ୍ରହ୍ମପୁର-ମୋହନା ଲାଇନ୍	୦୫.୦୧.୨୧	୦୭.୦୦-୧୬.୦୦	୧
୨.	ନରେନ୍ଦ୍ରପୁର ଗ୍ରୀଡ୍ ସବ୍‌ଷ୍ଟେସନ୍ ଠାରେ ୩୩ କେଭି ବସ୍ ସେକ୍ସନ-II ଏବଂ	୦୭.୦୧.୨୧	୦୭.୦୦-୧୬.୦୦	୧
	୪୦ ଏମ୍‌ଭିଏ ଟ୍ରାନ୍ସଫର୍ମର			
୩.	୨୨୦ କେଭି ନରେନ୍ଦ୍ରପୁର-ମେଣ୍ଢାଶାଳ ସର୍କିଟ୍-I (ଲୋକେସନ୍ ନଂ. ୨୬୧ ପର୍ଯ୍ୟନ୍ତ)	୧୩.୦୧.୨୧ ଠାରୁ ୧୫.୦୧.୨୧	୦୭.୦୦-୧୬.୦୦	୩
୪.	୧୩୨ କେଭି ବ୍ରହ୍ମପୁର-ଆସ୍କା ଡି.ସି ଲାଇନ୍	୧୮.୦୧.୨୧	୦୭.୦୦-୧୬.୦୦	୧
୫.	୨୨୦ କେଭି ବ୍ରହ୍ମପୁର-ମେଣ୍ଢାଶାଳ ସର୍କିଟ୍-II (ଲୋକେସନ୍ ନଂ. ୨୬୧ ପର୍ଯ୍ୟନ୍ତ)	୧୯.୦୧.୨୧ ଠାରୁ ୨୧.୦୧.୨୧	୦୭.୦୦-୧୬.୦୦	୩
୬.	୨୨୦ କେଭି ନରେନ୍ଦ୍ରପୁର-ଥେରୁବାଲି ସର୍କିଟ୍-I (ଜୁମୁରାଯାଇ ପର୍ଯ୍ୟନ୍ତ)	୨୭.୦୧.୨୧ ଠାରୁ ୨୯.୦୧.୨୧	୦୭.୦୦-୧୬.୦୦	୩
	ଇଏଚ୍‌ଟି (ଓ ଆଣ୍ଡ ଏମ୍) ଡିଭିଜନ, ଛତ୍ରପୁର			
୧.	ଛତ୍ରପୁର ଗ୍ରୀଡ୍ ସବ୍‌ଷ୍ଟେସନ୍ ଠାରେ ୩୩ କେଭି ସ୍ୱିଚ୍‌ୟାର୍ଡ	୦୮.୦୧.୨୧	୦୭.୦୦-୧୬.୦୦	୧
୨.	ମୋହନା ଗ୍ରୀଡ୍ ସବ୍‌ଷ୍ଟେସନ୍ ଠାରେ ୩୩ କେଭି ସ୍ୱିଚ୍‌ୟାର୍ଡ	୧୨.୦୧.୨୧	୦୭.୦୦-୧୬.୦୦	୧
୩.	୧୩୨ କେଭି ଛତ୍ରପୁର-ବାଲୁଗାଁ ଲାଇନ୍	୨୦.୦୧.୨୧	୦୭.୦୦-୧୬.୦୦	୧
୪.	୧୩୨/୩୩ କେଭି ଗ୍ରୀଡ୍ ସବ୍‌ଷ୍ଟେସନ୍ ବାଲୁଗାଁ	୨୨.୦୧.୨୧	୦୭.୦୦-୧୬.୦୦	୧
୫.	୧୩୨ କେଭି ବାଲୁଗାଁ-ଟେଲାରି ଟ୍ରାକ୍ସନ ଲାଇନ୍	୨୮.୦୧.୨୧	୦୭.୦୦-୧୬.୦୦	୧
(ଛ)	ଇଏଚ୍‌ଟି (ଓ ଆଣ୍ଡ ଏମ୍) ସର୍କଲ, ଚାଇଁବାସା			
	ଇଏଚ୍‌ଟି (ଓ ଆଣ୍ଡ ଏମ୍) ଡିଭିଜନ, ଚାଇଁବାସା/ମେରାମଣ୍ଡଳି/ଢେଙ୍କାନାଳ			
୧.	୨୨୦ କେଭି ଟିଟିପିଏସ-ମେରାମଣ୍ଡଳି ସର୍କିଟ୍-I	୦୬.୦୧.୨୧	୦୭.୦୦-୧୬.୦୦	୧
୨.	୨୨୦ କେଭି ଟିଟିପିଏସ-ମେରାମଣ୍ଡଳି ସର୍କିଟ୍-II	୦୭.୦୧.୨୧	୦୭.୦୦-୧୬.୦୦	୧
୩.	୧୩୨/୩୩ କେଭି ଗ୍ରୀଡ୍ ସବ୍‌ଷ୍ଟେସନ୍ ରାଇଁଙ୍ଗୁଲ	୦୮.୦୧.୨୧	୦୭.୦୦-୧୬.୦୦	୧
୪.	୪୦୦ କେଭି ମେରାମଣ୍ଡଳି-ମେଣ୍ଢାଶାଳ ଲାଇନ୍	୧୨.୦୧.୨୧	୦୭.୦୦-୧୬.୦୦	୧
୫.	୨୨୦ କେଭି ମେରାମଣ୍ଡଳି-ଭଞ୍ଜନଗର ସର୍କିଟ୍-I	୧୯.୦୧.୨୧ ଏବଂ ୨୦.୦୧.୨୧	୦୭.୦୦-୧୬.୦୦	୪
୬.	୨୨୦ କେଭି ମେରାମଣ୍ଡଳି-ଢେଙ୍କାନାଳ ଲାଇନ୍	୨୧.୦୧.୨୧	୦୭.୦୦-୧୬.୦୦	୧
୭.	୨୨୦ କେଭି ମେରାମଣ୍ଡଳି-ଭଞ୍ଜନଗର ସର୍କିଟ୍-I	୧୦.୦୧.୨୧ ରୁ ୨୨.୦୧.୨୧	୦୭.୦୦-୧୬.୦୦	୩
୮.	ମେରାମଣ୍ଡଳି ଗ୍ରୀଡ୍ ସବ୍‌ଷ୍ଟେସନ୍ ଠାରେ ୨୨୦ କେଭି ସ୍ୱିଚ୍‌ୟାର୍ଡ	୨୫.୦୧.୨୧	୦୭.୦୦-୧୬.୦୦	୧
୯.	୪୦୦/୨୨୦/୧୩୨ କେଭି ଗ୍ରୀଡ୍ ସବ୍‌ଷ୍ଟେସନ୍, ମେରାମଣ୍ଡଳି (୨୨୦ କେଭି ବସ୍-II)	୨୭.୦୧.୨୧ ରୁ ୨୮.୦୧.୨୧	୦୭.୦୦-୧୬.୦୦	୨
୧୦.	ମେରାମଣ୍ଡଳି ଗ୍ରୀଡ୍ ସବ୍‌ଷ୍ଟେସନ୍ ଠାରେ ୪୦୦/୨୨୦ କେଭି ଆଇସିଟି-I ର ଇଣ୍ଟରକନେକ୍ଟ	୧୫.୦୧.୨୧ ରୁ ୧୬.୦୧.୨୧	୦୭.୦୦-୧୬.୦୦	୨
	ମେଣ୍ଟେନାନ୍ସ ସହ ଟ୍ରାନ୍ସଫର୍ମର ରେନୋଭେସନ୍ ପାଇଁ			
୧୧.	୧୩୨ କେଭି ମେଣ୍ଢାଶାଳ-ଚୈନପାଳ ସର୍କିଟ୍-II	୦୫.୦୧.୨୧	୦୭.୦୦-୧୬.୦୦	୧
୧୨.	୧୩୨ କେଭି ଅଙ୍ଗୁଲ-ନୂଆପାଟଣା ଲାଇନ୍ (ଲୋକେସନ୍ ନଂ. ୧ ରୁ ୧୫୭)	୨୭.୦୧.୨୧	୦୭.୦୦-୧୬.୦୦	୧
୧୩.	୧୩୨ କେଭି ଢେଙ୍କାନାଳ-ଟ୍ରାକ୍ସନ ଟ୍ରାକ୍ସନ ଲାଇନ୍	୨୧.୦୧.୨୧	୦୭.୦୦-୧୬.୦୦	୧
୧୪.	ମେରାମଣ୍ଡଳି ଗ୍ରୀଡ୍ ସବ୍‌ଷ୍ଟେସନ୍ ଠାରେ ୪୦୦/୨୨୦ କେଭି ଆଇସିଟି-II ର ଇଣ୍ଟରକନେକ୍ଟ	୨୫.୦୧.୨୧ ରୁ ୨୭.୦୧.୨୧	୦୭.୦୦-୧୬.୦୦	୩
	ମେଣ୍ଟେନାନ୍ସ ସହ ଟ୍ରାନ୍ସଫର୍ମର ରେନୋଭେସନ୍ ପାଇଁ			
୧୫.	୨୨୦ କେଭି ମେରାମଣ୍ଡଳି-ଦୁବୁରି ସର୍କିଟ୍-II	୨୮.୦୧.୨୧ ରୁ ୩୦.୦୧.୨୧	୦୭.୦୦-୧୬.୦୦	୩
୧୬.	୨୨୦/୧୩୨ କେଭି ଅଟୋ-I ମେରାମଣ୍ଡଳି	୨୭.୦୧.୨୧	୦୭.୦୦-୧୬.୦୦	୧
୧୭.	୨୨୦/୧୩୨ କେଭି ଅଟୋ-II ମେରାମଣ୍ଡଳି	୨୯.୦୧.୨୧	୦୭.୦୦-୧୬.୦୦	୧
(ଜ)	ଇଏଚ୍‌ଟି (ଓ ଆଣ୍ଡ ଏମ୍) ସର୍କଲ, କଟକ			
	ଇଏଚ୍‌ଟି (ଓ ଆଣ୍ଡ ଏମ୍) ଡିଭିଜନ, କଟକ/ଚୌଦ୍ୱାର			
୧.	୧୩୨ କେଭି ଚୌଦ୍ୱାର-ଜଗତସିଂହପୁର ଲାଇନ୍	୦୫.୦୧.୨୧	୦୭.୦୦-୧୬.୦୦	୧
୨.	୧୩୨ କେଭି ଜଗତସିଂହପୁର-ତିର୍ତ୍ତୋଲ ଲାଇନ୍	୦୭.୦୧.୨୧	୦୭.୦୦-୧୬.୦୦	୧
୩.	୧୩୨ କେଭି ଚୌଦ୍ୱାର-ଅର୍ଡ଼ଗୋଲା ଲାଇନ୍ (ଲୋକେସନ୍ ନଂ. ୧୮ ରୁ ୧୦୦ ଶେଷ ପର୍ଯ୍ୟନ୍ତ)	୧୯.୦୧.୨୧	୦୭.୦୦-୧୬.୦୦	୧
OIPR-04011/11/0079/2021
